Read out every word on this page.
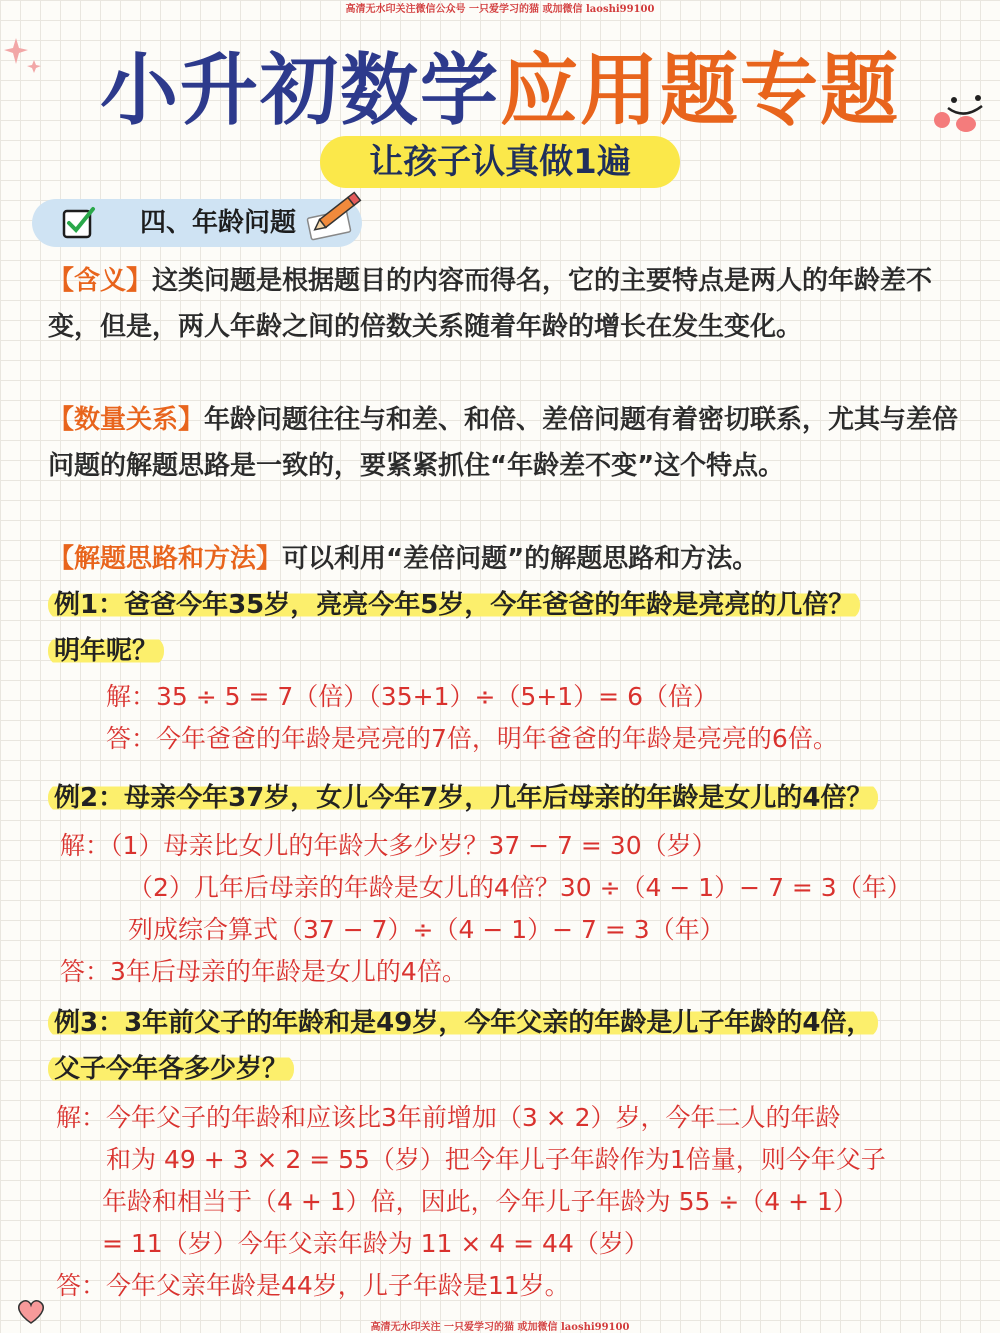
高清无水印关注微信公众号 一只爱学习的猫 或加微信 laoshi99100
小升初数学应用题专题
让孩子认真做1遍
四、年龄问题
【含义】这类问题是根据题目的内容而得名，它的主要特点是两人的年龄差不变，但是，两人年龄之间的倍数关系随着年龄的增长在发生变化。
【数量关系】年龄问题往往与和差、和倍、差倍问题有着密切联系，尤其与差倍问题的解题思路是一致的，要紧紧抓住“年龄差不变”这个特点。
【解题思路和方法】可以利用“差倍问题”的解题思路和方法。
例1：爸爸今年35岁，亮亮今年5岁，今年爸爸的年龄是亮亮的几倍？
明年呢？
解：35 ÷ 5 = 7（倍）（35+1）÷（5+1）= 6（倍）
答：今年爸爸的年龄是亮亮的7倍，明年爸爸的年龄是亮亮的6倍。
例2：母亲今年37岁，女儿今年7岁，几年后母亲的年龄是女儿的4倍？
解：（1）母亲比女儿的年龄大多少岁？37 − 7 = 30（岁）
（2）几年后母亲的年龄是女儿的4倍？30 ÷（4 − 1）− 7 = 3（年）
列成综合算式（37 − 7）÷（4 − 1）− 7 = 3（年）
答：3年后母亲的年龄是女儿的4倍。
例3：3年前父子的年龄和是49岁，今年父亲的年龄是儿子年龄的4倍，
父子今年各多少岁？
解：今年父子的年龄和应该比3年前增加（3 × 2）岁，今年二人的年龄
和为 49 + 3 × 2 = 55（岁）把今年儿子年龄作为1倍量，则今年父子
年龄和相当于（4 + 1）倍，因此，今年儿子年龄为 55 ÷（4 + 1）
= 11（岁）今年父亲年龄为 11 × 4 = 44（岁）
答：今年父亲年龄是44岁，儿子年龄是11岁。
高清无水印关注 一只爱学习的猫 或加微信 laoshi99100
